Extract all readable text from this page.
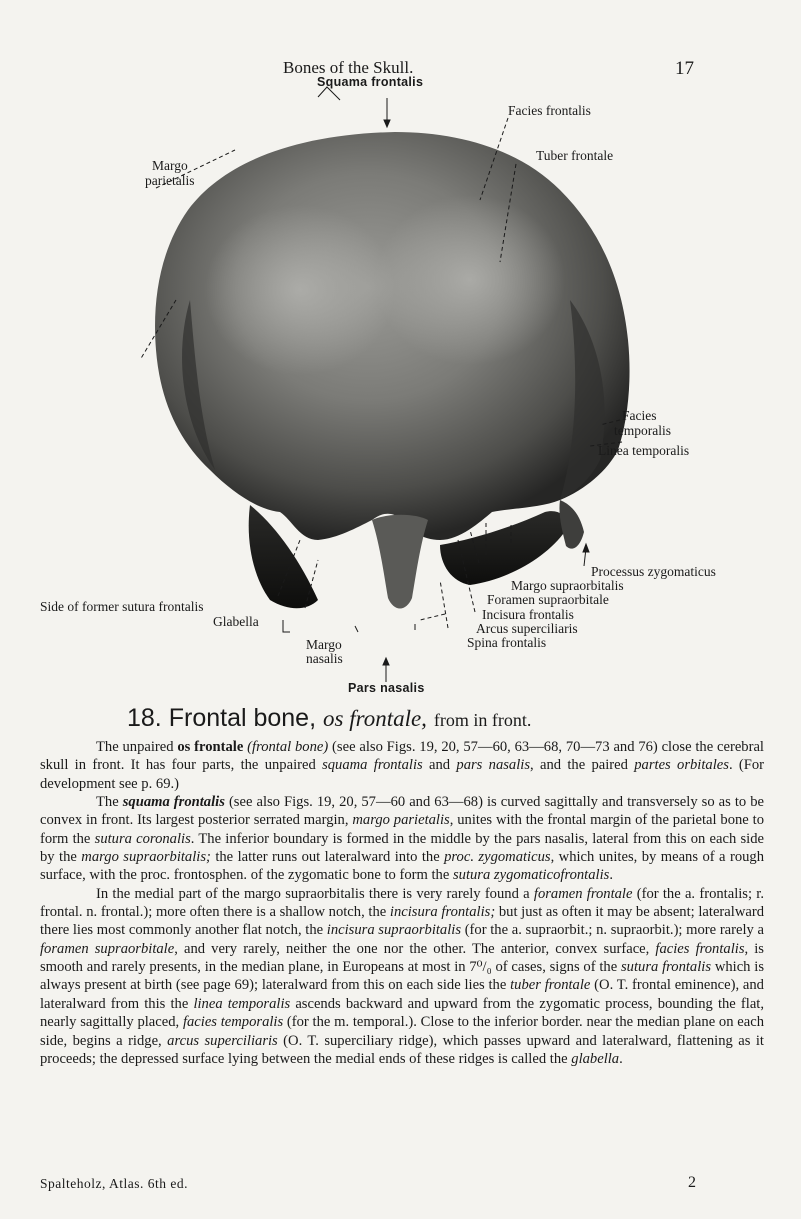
Bones of the Skull.	17
Squama frontalis
Facies frontalis
Tuber frontale
Margo
parietalis
Facies
temporalis
Linea temporalis
Processus zygomaticus
Margo supraorbitalis
Foramen supraorbitale
Incisura frontalis
Arcus superciliaris
Spina frontalis
Side of former sutura frontalis
Glabella
Margo
nasalis
Pars nasalis
18. Frontal bone, os frontale, from in front.

The unpaired os frontale (frontal bone) (see also Figs. 19, 20, 57—60, 63—68, 70—73 and 76) close the cerebral skull in front. It has four parts, the unpaired squama frontalis and pars nasalis, and the paired partes orbitales. (For development see p. 69.)

The squama frontalis (see also Figs. 19, 20, 57—60 and 63—68) is curved sagittally and transversely so as to be convex in front. Its largest posterior serrated margin, margo parietalis, unites with the frontal margin of the parietal bone to form the sutura coronalis. The inferior boundary is formed in the middle by the pars nasalis, lateral from this on each side by the margo supraorbitalis; the latter runs out lateralward into the proc. zygomaticus, which unites, by means of a rough surface, with the proc. frontosphen. of the zygomatic bone to form the sutura zygomaticofrontalis.

In the medial part of the margo supraorbitalis there is very rarely found a foramen frontale (for the a. frontalis; r. frontal. n. frontal.); more often there is a shallow notch, the incisura frontalis; but just as often it may be absent; lateralward there lies most commonly another flat notch, the incisura supraorbitalis (for the a. supraorbit.; n. supraorbit.); more rarely a foramen supraorbitale, and very rarely, neither the one nor the other. The anterior, convex surface, facies frontalis, is smooth and rarely presents, in the median plane, in Europeans at most in 7⁰/₀ of cases, signs of the sutura frontalis which is always present at birth (see page 69); lateralward from this on each side lies the tuber frontale (O. T. frontal eminence), and lateralward from this the linea temporalis ascends backward and upward from the zygomatic process, bounding the flat, nearly sagittally placed, facies temporalis (for the m. temporal.). Close to the inferior border. near the median plane on each side, begins a ridge, arcus superciliaris (O. T. superciliary ridge), which passes upward and lateralward, flattening as it proceeds; the depressed surface lying between the medial ends of these ridges is called the glabella.

Spalteholz, Atlas. 6th ed.	2
